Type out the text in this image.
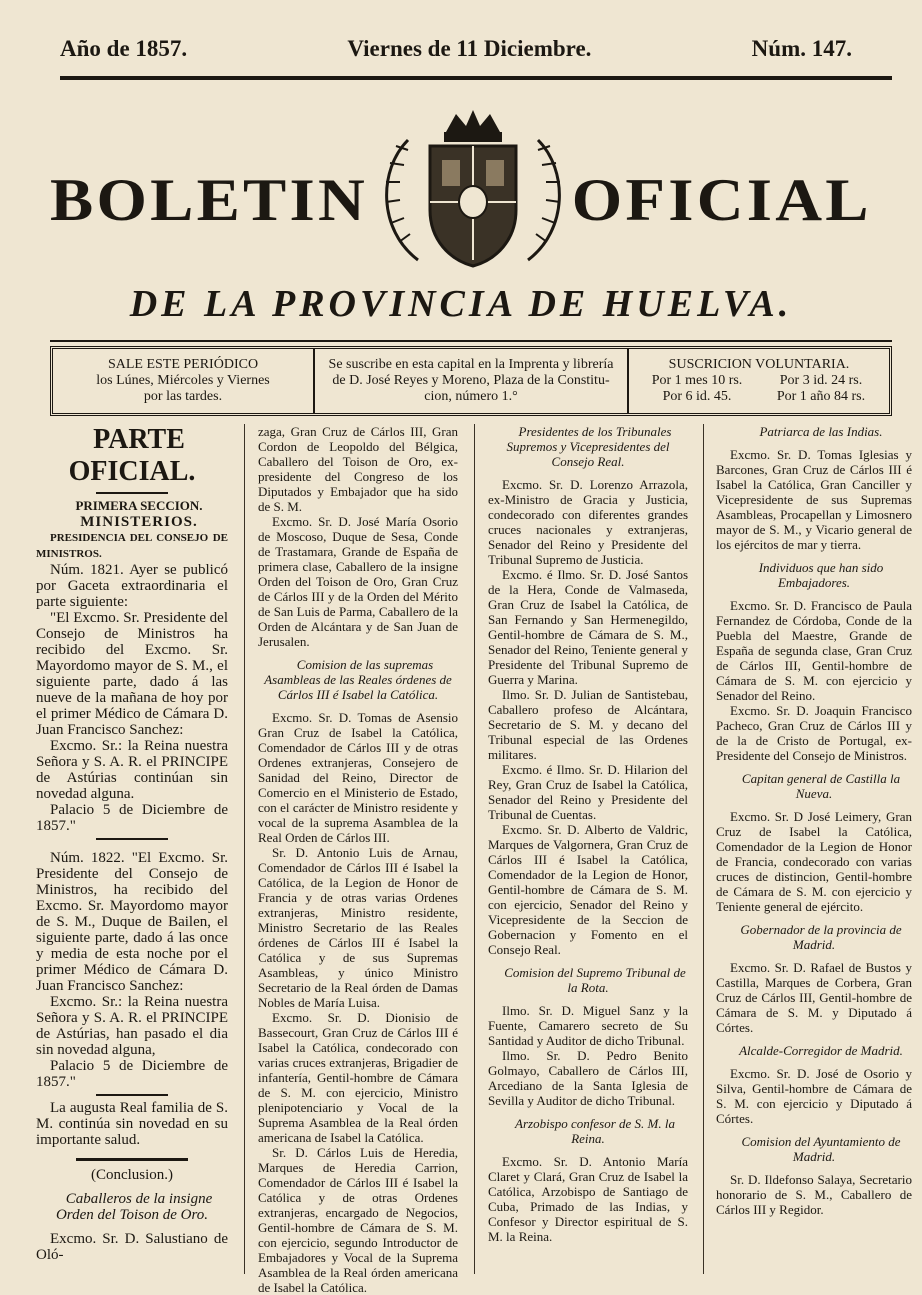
Año de 1857.	Viernes de 11 Diciembre.	Núm. 147.
BOLETIN	OFICIAL
DE LA PROVINCIA DE HUELVA.
SALE ESTE PERIÓDICO
los Lúnes, Miércoles y Viernes
por las tardes.
Se suscribe en esta capital en la Imprenta y librería
de D. José Reyes y Moreno, Plaza de la Constitu-
cion, número 1.°
SUSCRICION VOLUNTARIA.
Por 1 mes 10 rs.	Por 3 id. 24 rs.
Por 6 id. 45.	Por 1 año 84 rs.

PARTE OFICIAL.

PRIMERA SECCION.

MINISTERIOS.

PRESIDENCIA DEL CONSEJO DE MINISTROS.

Núm. 1821. Ayer se publicó por Gaceta extraordinaria el parte siguiente:

"El Excmo. Sr. Presidente del Consejo de Ministros ha recibido del Excmo. Sr. Mayordomo mayor de S. M., el siguiente parte, dado á las nueve de la mañana de hoy por el primer Médico de Cámara D. Juan Francisco Sanchez:

Excmo. Sr.: la Reina nuestra Señora y S. A. R. el PRINCIPE de Astúrias continúan sin novedad alguna.

Palacio 5 de Diciembre de 1857."

Núm. 1822. "El Excmo. Sr. Presidente del Consejo de Ministros, ha recibido del Excmo. Sr. Mayordomo mayor de S. M., Duque de Bailen, el siguiente parte, dado á las once y media de esta noche por el primer Médico de Cámara D. Juan Francisco Sanchez:

Excmo. Sr.: la Reina nuestra Señora y S. A. R. el PRINCIPE de Astúrias, han pasado el dia sin novedad alguna,

Palacio 5 de Diciembre de 1857."

La augusta Real familia de S. M. continúa sin novedad en su importante salud.

(Conclusion.)

Caballeros de la insigne Orden del Toison de Oro.

Excmo. Sr. D. Salustiano de Oló-

zaga, Gran Cruz de Cárlos III, Gran Cordon de Leopoldo del Bélgica, Caballero del Toison de Oro, ex-presidente del Congreso de los Diputados y Embajador que ha sido de S. M.

Excmo. Sr. D. José María Osorio de Moscoso, Duque de Sesa, Conde de Trastamara, Grande de España de primera clase, Caballero de la insigne Orden del Toison de Oro, Gran Cruz de Cárlos III y de la Orden del Mérito de San Luis de Parma, Caballero de la Orden de Alcántara y de San Juan de Jerusalen.

Comision de las supremas Asambleas de las Reales órdenes de Cárlos III é Isabel la Católica.

Excmo. Sr. D. Tomas de Asensio Gran Cruz de Isabel la Católica, Comendador de Cárlos III y de otras Ordenes extranjeras, Consejero de Sanidad del Reino, Director de Comercio en el Ministerio de Estado, con el carácter de Ministro residente y vocal de la suprema Asamblea de la Real Orden de Cárlos III.

Sr. D. Antonio Luis de Arnau, Comendador de Cárlos III é Isabel la Católica, de la Legion de Honor de Francia y de otras varias Ordenes extranjeras, Ministro residente, Ministro Secretario de las Reales órdenes de Cárlos III é Isabel la Católica y de sus Supremas Asambleas, y único Ministro Secretario de la Real órden de Damas Nobles de María Luisa.

Excmo. Sr. D. Dionisio de Bassecourt, Gran Cruz de Cárlos III é Isabel la Católica, condecorado con varias cruces extranjeras, Brigadier de infantería, Gentil-hombre de Cámara de S. M. con ejercicio, Ministro plenipotenciario y Vocal de la Suprema Asamblea de la Real órden americana de Isabel la Católica.

Sr. D. Cárlos Luis de Heredia, Marques de Heredia Carrion, Comendador de Cárlos III é Isabel la Católica y de otras Ordenes extranjeras, encargado de Negocios, Gentil-hombre de Cámara de S. M. con ejercicio, segundo Introductor de Embajadores y Vocal de la Suprema Asamblea de la Real órden americana de Isabel la Católica.

Presidentes de los Tribunales Supremos y Vicepresidentes del Consejo Real.

Excmo. Sr. D. Lorenzo Arrazola, ex-Ministro de Gracia y Justicia, condecorado con diferentes grandes cruces nacionales y extranjeras, Senador del Reino y Presidente del Tribunal Supremo de Justicia.

Excmo. é Ilmo. Sr. D. José Santos de la Hera, Conde de Valmaseda, Gran Cruz de Isabel la Católica, de San Fernando y San Hermenegildo, Gentil-hombre de Cámara de S. M., Senador del Reino, Teniente general y Presidente del Tribunal Supremo de Guerra y Marina.

Ilmo. Sr. D. Julian de Santistebau, Caballero profeso de Alcántara, Secretario de S. M. y decano del Tribunal especial de las Ordenes militares.

Excmo. é Ilmo. Sr. D. Hilarion del Rey, Gran Cruz de Isabel la Católica, Senador del Reino y Presidente del Tribunal de Cuentas.

Excmo. Sr. D. Alberto de Valdric, Marques de Valgornera, Gran Cruz de Cárlos III é Isabel la Católica, Comendador de la Legion de Honor, Gentil-hombre de Cámara de S. M. con ejercicio, Senador del Reino y Vicepresidente de la Seccion de Gobernacion y Fomento en el Consejo Real.

Comision del Supremo Tribunal de la Rota.

Ilmo. Sr. D. Miguel Sanz y la Fuente, Camarero secreto de Su Santidad y Auditor de dicho Tribunal.

Ilmo. Sr. D. Pedro Benito Golmayo, Caballero de Cárlos III, Arcediano de la Santa Iglesia de Sevilla y Auditor de dicho Tribunal.

Arzobispo confesor de S. M. la Reina.

Excmo. Sr. D. Antonio María Claret y Clará, Gran Cruz de Isabel la Católica, Arzobispo de Santiago de Cuba, Primado de las Indias, y Confesor y Director espiritual de S. M. la Reina.

Patriarca de las Indias.

Excmo. Sr. D. Tomas Iglesias y Barcones, Gran Cruz de Cárlos III é Isabel la Católica, Gran Canciller y Vicepresidente de sus Supremas Asambleas, Procapellan y Limosnero mayor de S. M., y Vicario general de los ejércitos de mar y tierra.

Individuos que han sido Embajadores.

Excmo. Sr. D. Francisco de Paula Fernandez de Córdoba, Conde de la Puebla del Maestre, Grande de España de segunda clase, Gran Cruz de Cárlos III, Gentil-hombre de Cámara de S. M. con ejercicio y Senador del Reino.

Excmo. Sr. D. Joaquin Francisco Pacheco, Gran Cruz de Cárlos III y de la de Cristo de Portugal, ex-Presidente del Consejo de Ministros.

Capitan general de Castilla la Nueva.

Excmo. Sr. D José Leimery, Gran Cruz de Isabel la Católica, Comendador de la Legion de Honor de Francia, condecorado con varias cruces de distincion, Gentil-hombre de Cámara de S. M. con ejercicio y Teniente general de ejército.

Gobernador de la provincia de Madrid.

Excmo. Sr. D. Rafael de Bustos y Castilla, Marques de Corbera, Gran Cruz de Cárlos III, Gentil-hombre de Cámara de S. M. y Diputado á Córtes.

Alcalde-Corregidor de Madrid.

Excmo. Sr. D. José de Osorio y Silva, Gentil-hombre de Cámara de S. M. con ejercicio y Diputado á Córtes.

Comision del Ayuntamiento de Madrid.

Sr. D. Ildefonso Salaya, Secretario honorario de S. M., Caballero de Cárlos III y Regidor.
